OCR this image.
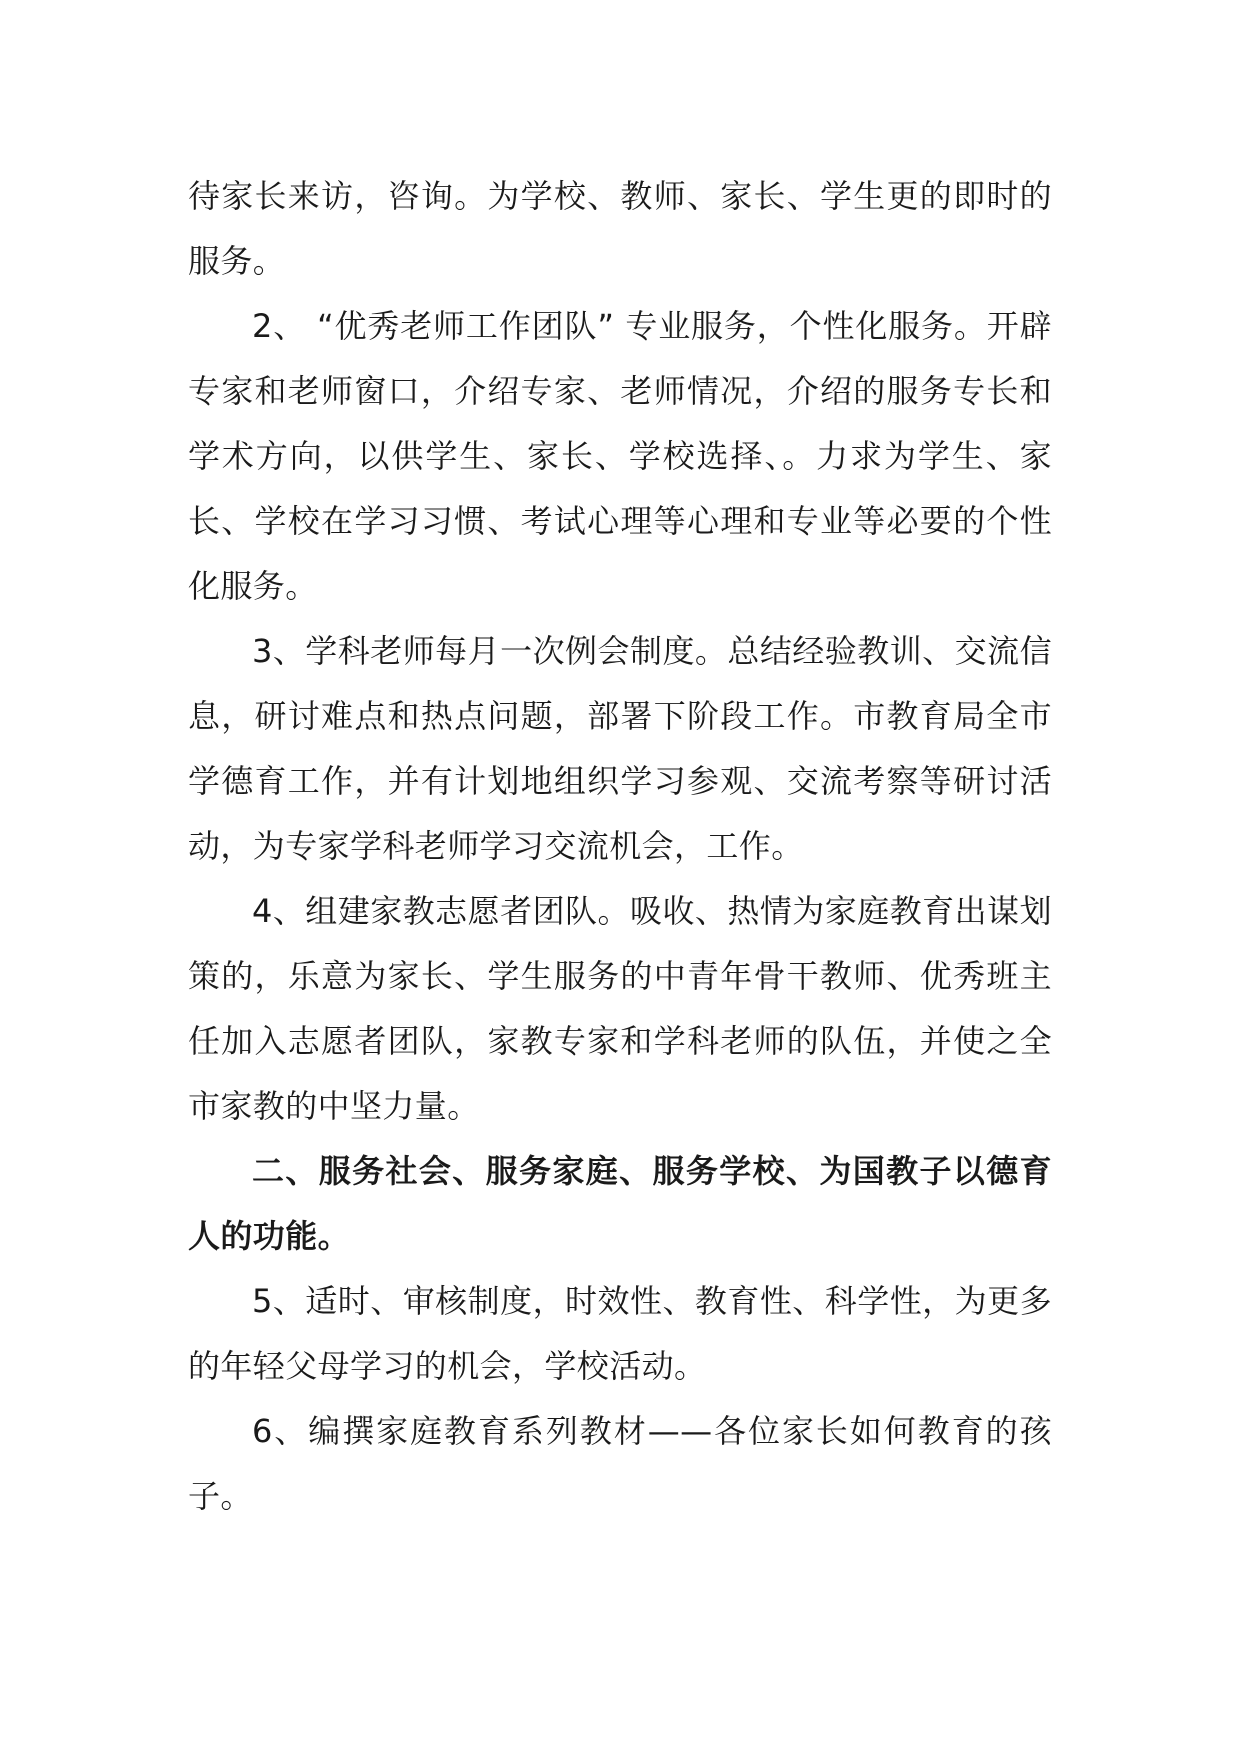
待家长来访，咨询。为学校、教师、家长、学生更的即时的服务。

2、 “优秀老师工作团队” 专业服务，个性化服务。开辟专家和老师窗口，介绍专家、老师情况，介绍的服务专长和学术方向，以供学生、家长、学校选择、。力求为学生、家长、学校在学习习惯、考试心理等心理和专业等必要的个性化服务。

3、学科老师每月一次例会制度。总结经验教训、交流信息，研讨难点和热点问题，部署下阶段工作。市教育局全市学德育工作，并有计划地组织学习参观、交流考察等研讨活动，为专家学科老师学习交流机会，工作。

4、组建家教志愿者团队。吸收、热情为家庭教育出谋划策的，乐意为家长、学生服务的中青年骨干教师、优秀班主任加入志愿者团队，家教专家和学科老师的队伍，并使之全市家教的中坚力量。

二、服务社会、服务家庭、服务学校、为国教子以德育人的功能。

5、适时、审核制度，时效性、教育性、科学性，为更多的年轻父母学习的机会，学校活动。

6、编撰家庭教育系列教材——各位家长如何教育的孩子。
